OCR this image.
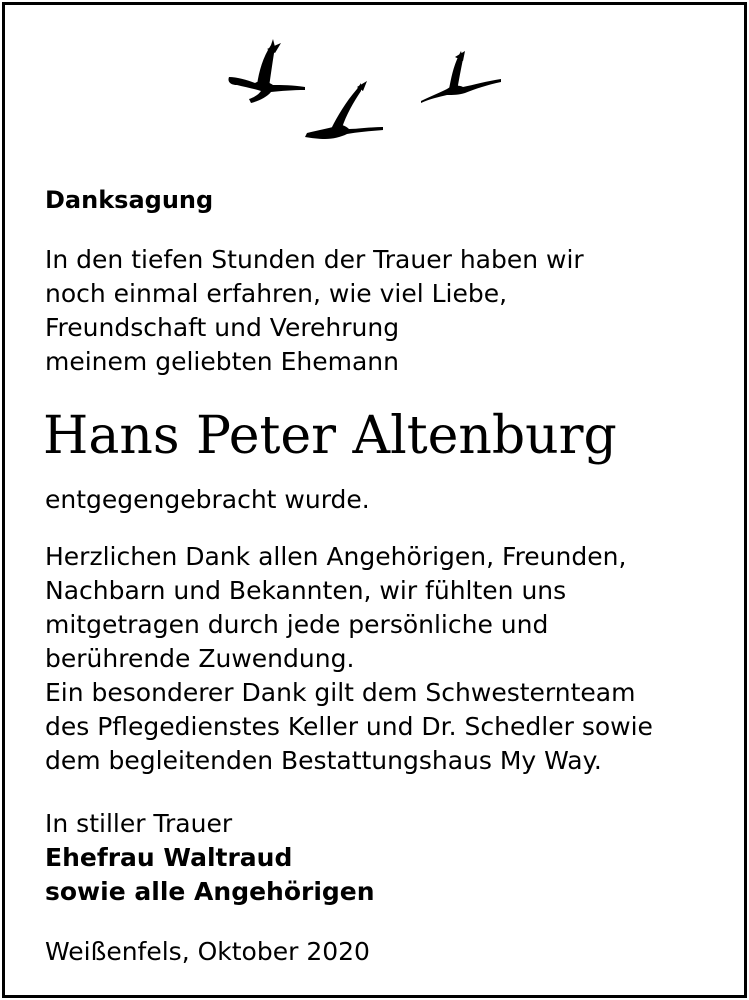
Danksagung

In den tiefen Stunden der Trauer haben wir
noch einmal erfahren, wie viel Liebe,
Freundschaft und Verehrung
meinem geliebten Ehemann

Hans Peter Altenburg

entgegengebracht wurde.

Herzlichen Dank allen Angehörigen, Freunden,
Nachbarn und Bekannten, wir fühlten uns
mitgetragen durch jede persönliche und
berührende Zuwendung.
Ein besonderer Dank gilt dem Schwesternteam
des Pflegedienstes Keller und Dr. Schedler sowie
dem begleitenden Bestattungshaus My Way.

In stiller Trauer
Ehefrau Waltraud
sowie alle Angehörigen

Weißenfels, Oktober 2020
